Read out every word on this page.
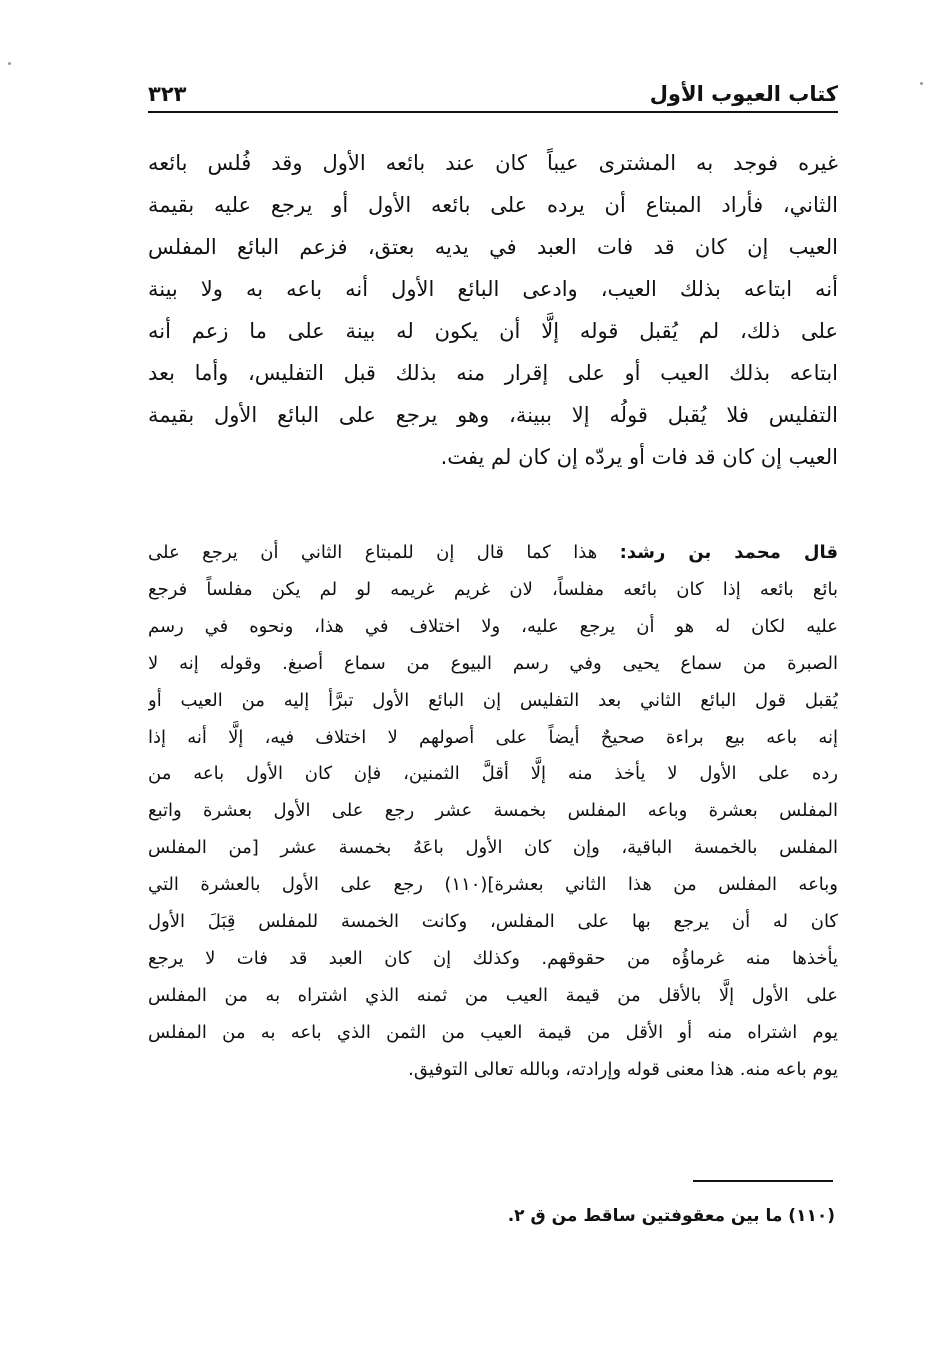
كتاب العيوب الأول
٣٢٣
غيره فوجد به المشترى عيباً كان عند بائعه الأول وقد فُلس بائعه
الثاني، فأراد المبتاع أن يرده على بائعه الأول أو يرجع عليه بقيمة
العيب إن كان قد فات العبد في يديه بعتق، فزعم البائع المفلس
أنه ابتاعه بذلك العيب، وادعى البائع الأول أنه باعه به ولا بينة
على ذلك، لم يُقبل قوله إلَّا أن يكون له بينة على ما زعم أنه
ابتاعه بذلك العيب أو على إقرار منه بذلك قبل التفليس، وأما بعد
التفليس فلا يُقبل قولُه إلا ببينة، وهو يرجع على البائع الأول بقيمة
العيب إن كان قد فات أو يردّه إن كان لم يفت.
قال محمد بن رشد: هذا كما قال إن للمبتاع الثاني أن يرجع على
بائع بائعه إذا كان بائعه مفلساً، لان غريم غريمه لو لم يكن مفلساً فرجع
عليه لكان له هو أن يرجع عليه، ولا اختلاف في هذا، ونحوه في رسم
الصبرة من سماع يحيى وفي رسم البيوع من سماع أصبغ. وقوله إنه لا
يُقبل قول البائع الثاني بعد التفليس إن البائع الأول تبرَّأ إليه من العيب أو
إنه باعه بيع براءة صحيحٌ أيضاً على أصولهم لا اختلاف فيه، إلَّا أنه إذا
رده على الأول لا يأخذ منه إلَّا أقلَّ الثمنين، فإن كان الأول باعه من
المفلس بعشرة وباعه المفلس بخمسة عشر رجع على الأول بعشرة واتبع
المفلس بالخمسة الباقية، وإن كان الأول باعَهُ بخمسة عشر [من المفلس
وباعه المفلس من هذا الثاني بعشرة](١١٠) رجع على الأول بالعشرة التي
كان له أن يرجع بها على المفلس، وكانت الخمسة للمفلس قِبَلَ الأول
يأخذها منه غرماؤُه من حقوقهم. وكذلك إن كان العبد قد فات لا يرجع
على الأول إلَّا بالأقل من قيمة العيب من ثمنه الذي اشتراه به من المفلس
يوم اشتراه منه أو الأقل من قيمة العيب من الثمن الذي باعه به من المفلس
يوم باعه منه. هذا معنى قوله وإرادته، وبالله تعالى التوفيق.
(١١٠) ما بين معقوفتين ساقط من ق ٢.
